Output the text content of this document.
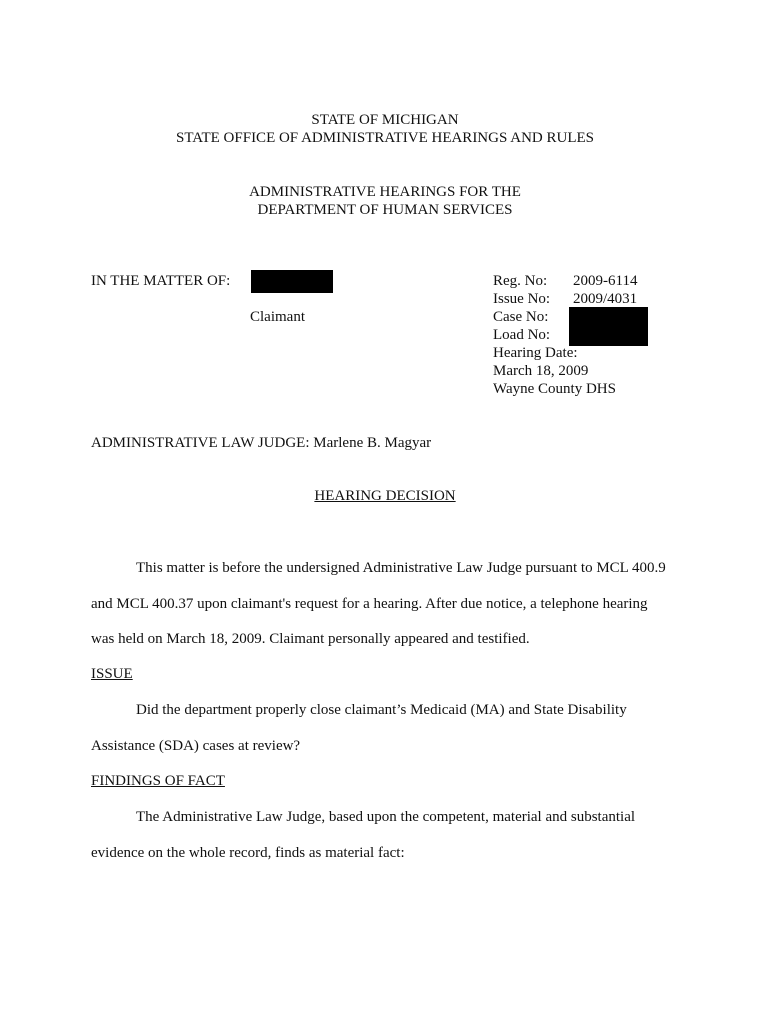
STATE OF MICHIGAN
STATE OFFICE OF ADMINISTRATIVE HEARINGS AND RULES
ADMINISTRATIVE HEARINGS FOR THE
DEPARTMENT OF HUMAN SERVICES
IN THE MATTER OF:
Claimant
Reg. No: 2009-6114
Issue No: 2009/4031
Case No:
Load No:
Hearing Date:
March 18, 2009
Wayne County DHS
ADMINISTRATIVE LAW JUDGE: Marlene B. Magyar
HEARING DECISION
This matter is before the undersigned Administrative Law Judge pursuant to MCL 400.9
and MCL 400.37 upon claimant's request for a hearing. After due notice, a telephone hearing
was held on March 18, 2009. Claimant personally appeared and testified.
ISSUE
Did the department properly close claimant’s Medicaid (MA) and State Disability
Assistance (SDA) cases at review?
FINDINGS OF FACT
The Administrative Law Judge, based upon the competent, material and substantial
evidence on the whole record, finds as material fact:
